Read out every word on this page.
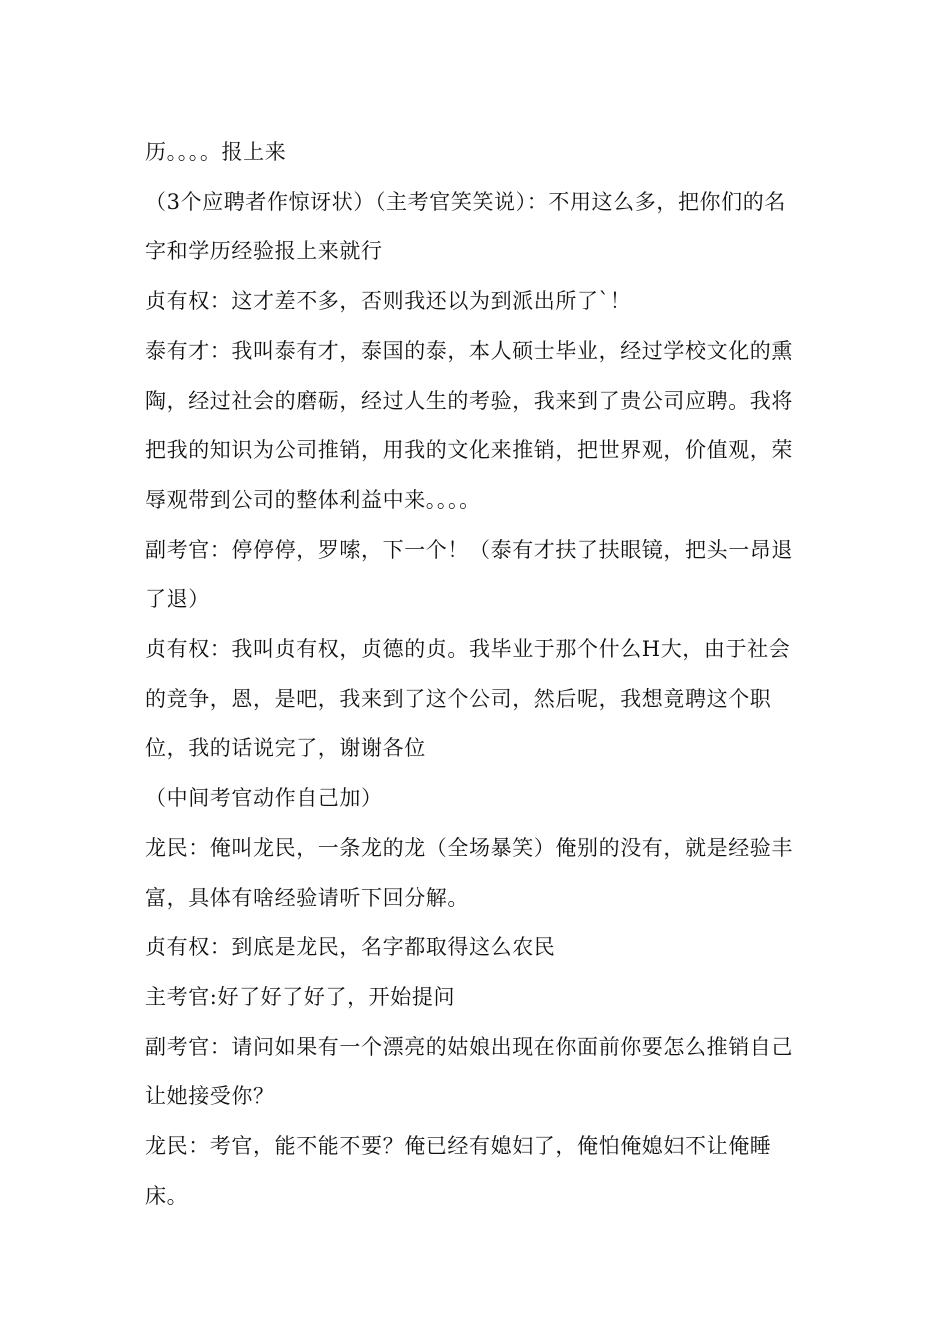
历。。。。报上来

（3个应聘者作惊讶状）（主考官笑笑说）：不用这么多，把你们的名字和学历经验报上来就行

贞有权：这才差不多，否则我还以为到派出所了`！

泰有才：我叫泰有才，泰国的泰，本人硕士毕业，经过学校文化的熏陶，经过社会的磨砺，经过人生的考验，我来到了贵公司应聘。我将把我的知识为公司推销，用我的文化来推销，把世界观，价值观，荣辱观带到公司的整体利益中来。。。。

副考官：停停停，罗嗦，下一个！（泰有才扶了扶眼镜，把头一昂退了退）

贞有权：我叫贞有权，贞德的贞。我毕业于那个什么H大，由于社会的竞争，恩，是吧，我来到了这个公司，然后呢，我想竟聘这个职位，我的话说完了，谢谢各位

（中间考官动作自己加）

龙民：俺叫龙民，一条龙的龙（全场暴笑）俺别的没有，就是经验丰富，具体有啥经验请听下回分解。

贞有权：到底是龙民，名字都取得这么农民

主考官:好了好了好了，开始提问

副考官：请问如果有一个漂亮的姑娘出现在你面前你要怎么推销自己让她接受你？

龙民：考官，能不能不要？俺已经有媳妇了，俺怕俺媳妇不让俺睡床。
